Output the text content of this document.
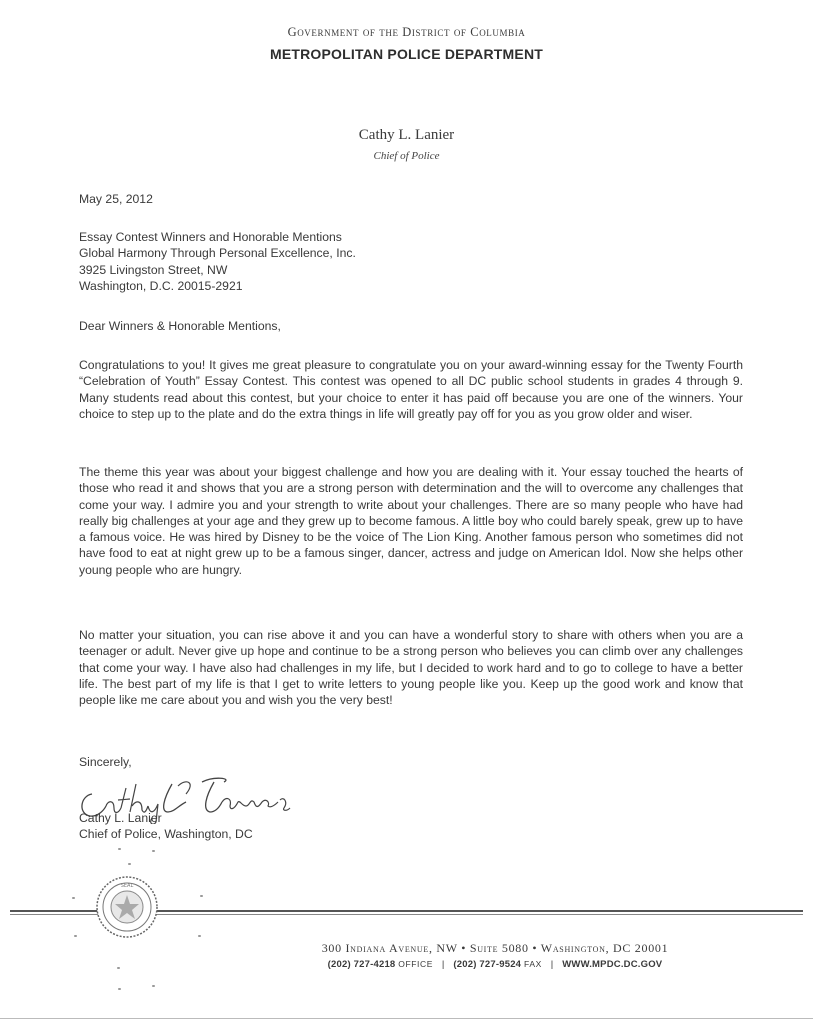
Government of the District of Columbia
METROPOLITAN POLICE DEPARTMENT
Cathy L. Lanier
Chief of Police
May 25, 2012
Essay Contest Winners and Honorable Mentions
Global Harmony Through Personal Excellence, Inc.
3925 Livingston Street, NW
Washington, D.C. 20015-2921
Dear Winners & Honorable Mentions,
Congratulations to you! It gives me great pleasure to congratulate you on your award-winning essay for the Twenty Fourth “Celebration of Youth” Essay Contest. This contest was opened to all DC public school students in grades 4 through 9. Many students read about this contest, but your choice to enter it has paid off because you are one of the winners. Your choice to step up to the plate and do the extra things in life will greatly pay off for you as you grow older and wiser.
The theme this year was about your biggest challenge and how you are dealing with it. Your essay touched the hearts of those who read it and shows that you are a strong person with determination and the will to overcome any challenges that come your way. I admire you and your strength to write about your challenges. There are so many people who have had really big challenges at your age and they grew up to become famous. A little boy who could barely speak, grew up to have a famous voice. He was hired by Disney to be the voice of The Lion King. Another famous person who sometimes did not have food to eat at night grew up to be a famous singer, dancer, actress and judge on American Idol. Now she helps other young people who are hungry.
No matter your situation, you can rise above it and you can have a wonderful story to share with others when you are a teenager or adult. Never give up hope and continue to be a strong person who believes you can climb over any challenges that come your way. I have also had challenges in my life, but I decided to work hard and to go to college to have a better life. The best part of my life is that I get to write letters to young people like you. Keep up the good work and know that people like me care about you and wish you the very best!
Sincerely,
Cathy L. Lanier
Cathy L. Lanier
Chief of Police, Washington, DC
SEAL
300 Indiana Avenue, NW • Suite 5080 • Washington, DC 20001
(202) 727-4218 OFFICE | (202) 727-9524 FAX | WWW.MPDC.DC.GOV
